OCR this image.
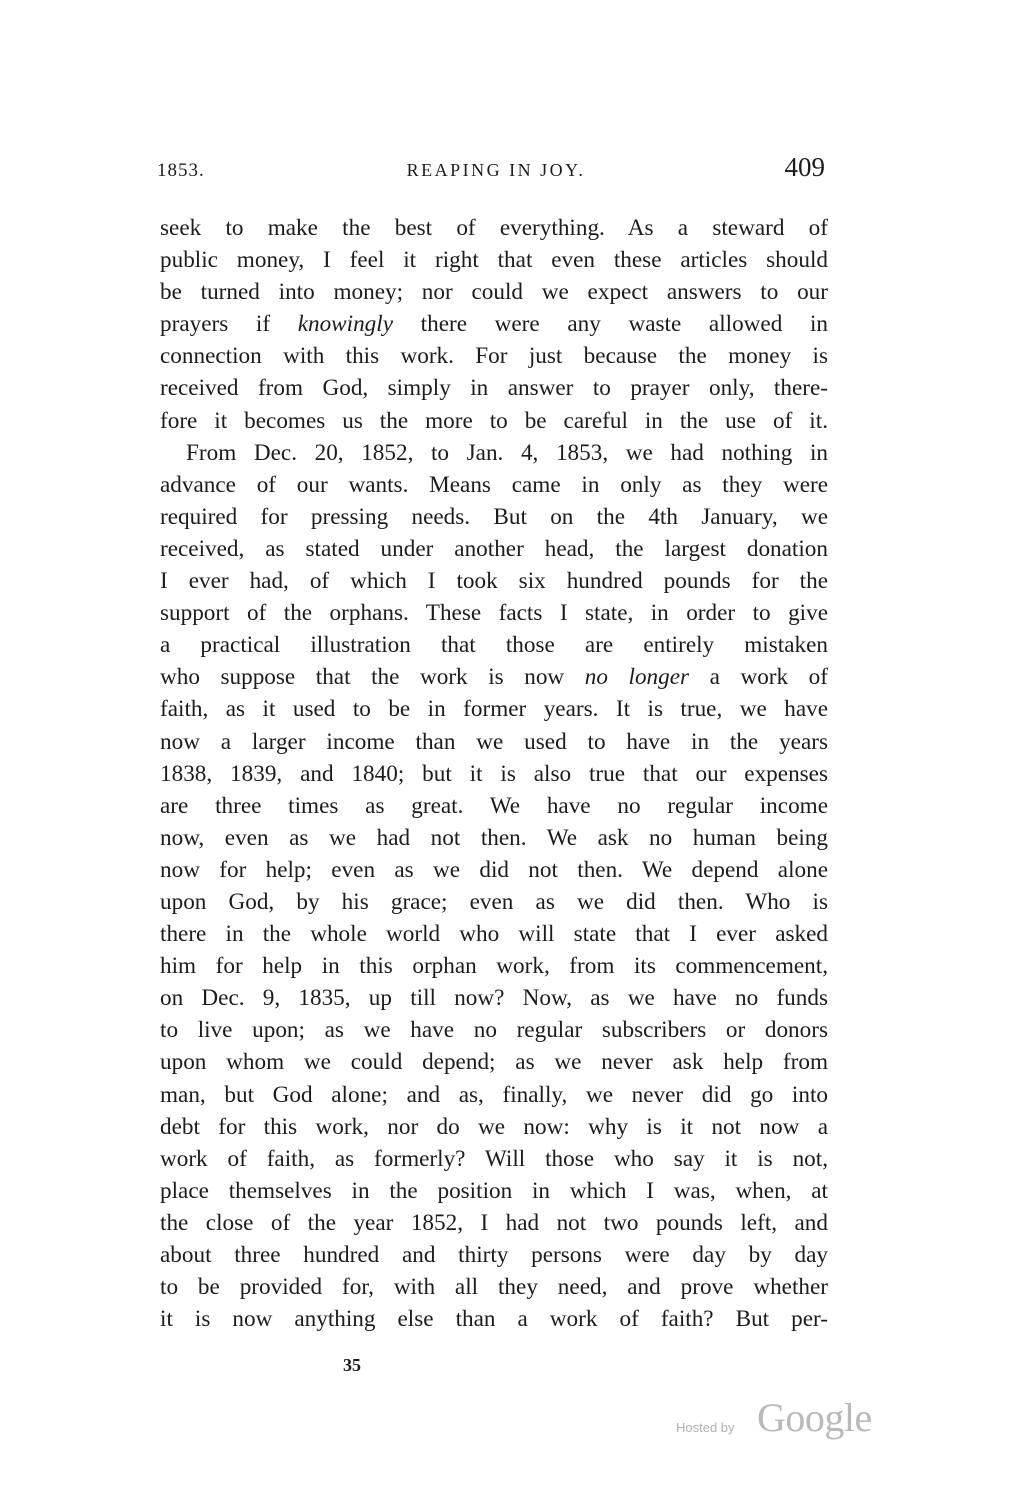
1853.	REAPING IN JOY.	409
seek to make the best of everything. As a steward of
public money, I feel it right that even these articles should
be turned into money; nor could we expect answers to our
prayers if knowingly there were any waste allowed in
connection with this work. For just because the money is
received from God, simply in answer to prayer only, there-
fore it becomes us the more to be careful in the use of it.
From Dec. 20, 1852, to Jan. 4, 1853, we had nothing in
advance of our wants. Means came in only as they were
required for pressing needs. But on the 4th January, we
received, as stated under another head, the largest donation
I ever had, of which I took six hundred pounds for the
support of the orphans. These facts I state, in order to give
a practical illustration that those are entirely mistaken
who suppose that the work is now no longer a work of
faith, as it used to be in former years. It is true, we have
now a larger income than we used to have in the years
1838, 1839, and 1840; but it is also true that our expenses
are three times as great. We have no regular income
now, even as we had not then. We ask no human being
now for help; even as we did not then. We depend alone
upon God, by his grace; even as we did then. Who is
there in the whole world who will state that I ever asked
him for help in this orphan work, from its commencement,
on Dec. 9, 1835, up till now? Now, as we have no funds
to live upon; as we have no regular subscribers or donors
upon whom we could depend; as we never ask help from
man, but God alone; and as, finally, we never did go into
debt for this work, nor do we now: why is it not now a
work of faith, as formerly? Will those who say it is not,
place themselves in the position in which I was, when, at
the close of the year 1852, I had not two pounds left, and
about three hundred and thirty persons were day by day
to be provided for, with all they need, and prove whether
it is now anything else than a work of faith? But per-
35
Hosted by Google
